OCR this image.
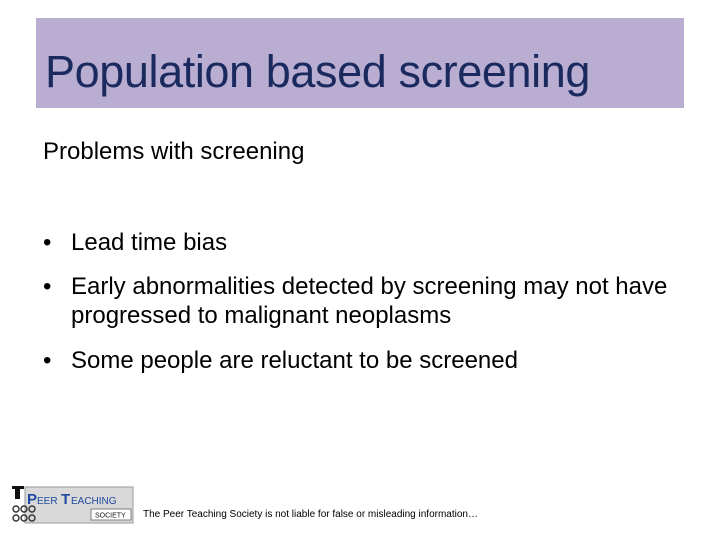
Population based screening
Problems with screening
• Lead time bias
• Early abnormalities detected by screening may not have progressed to malignant neoplasms
• Some people are reluctant to be screened
P EER T EACHING
SOCIETY The Peer Teaching Society is not liable for false or misleading information…
